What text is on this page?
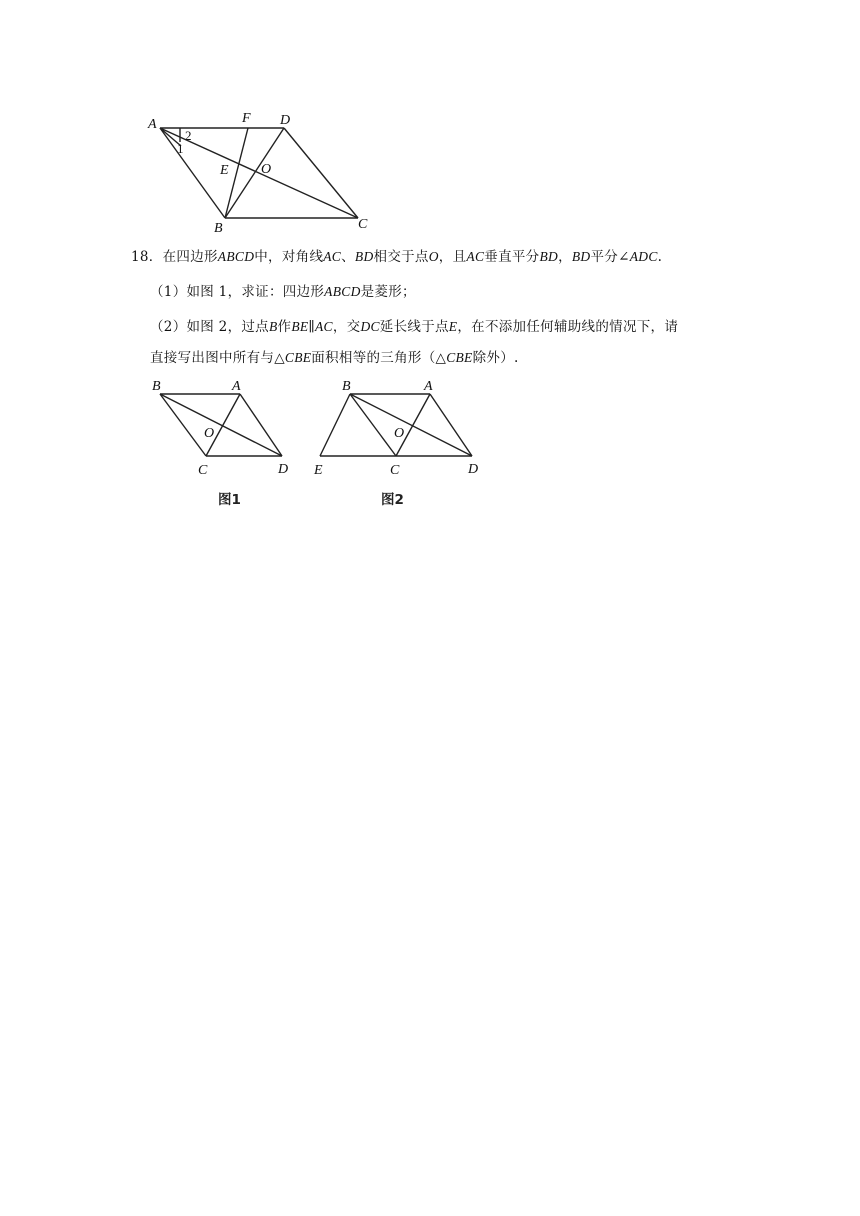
A	F D
E O
B	C
1
2
18．在四边形ABCD中，对角线AC、BD相交于点O，且AC垂直平分BD，BD平分∠ADC.
（1）如图 1，求证：四边形ABCD是菱形；
（2）如图 2，过点B作BE∥AC，交DC延长线于点E，在不添加任何辅助线的情况下，请
直接写出图中所有与△CBE面积相等的三角形（△CBE除外）.
B	A
O
C	D
图1
B	A
O
E	C	D
图2
